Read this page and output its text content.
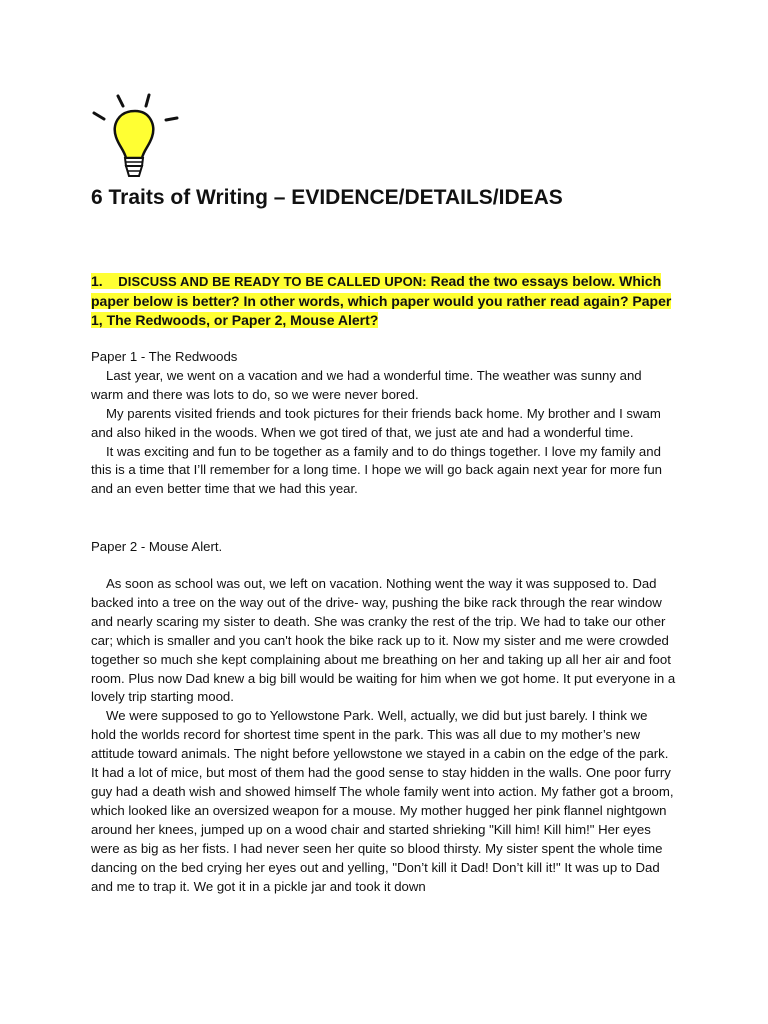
6 Traits of Writing – EVIDENCE/DETAILS/IDEAS

1. DISCUSS AND BE READY TO BE CALLED UPON: Read the two essays below. Which paper below is better? In other words, which paper would you rather read again? Paper 1, The Redwoods, or Paper 2, Mouse Alert?

Paper 1 - The Redwoods

Last year, we went on a vacation and we had a wonderful time. The weather was sunny and warm and there was lots to do, so we were never bored.

My parents visited friends and took pictures for their friends back home. My brother and I swam and also hiked in the woods. When we got tired of that, we just ate and had a wonderful time.

It was exciting and fun to be together as a family and to do things together. I love my family and this is a time that I’ll remember for a long time. I hope we will go back again next year for more fun and an even better time that we had this year.

Paper 2 - Mouse Alert.

As soon as school was out, we left on vacation. Nothing went the way it was supposed to. Dad backed into a tree on the way out of the drive- way, pushing the bike rack through the rear window and nearly scaring my sister to death. She was cranky the rest of the trip. We had to take our other car; which is smaller and you can't hook the bike rack up to it. Now my sister and me were crowded together so much she kept complaining about me breathing on her and taking up all her air and foot room. Plus now Dad knew a big bill would be waiting for him when we got home. It put everyone in a lovely trip starting mood.

We were supposed to go to Yellowstone Park. Well, actually, we did but just barely. I think we hold the worlds record for shortest time spent in the park. This was all due to my mother’s new attitude toward animals. The night before yellowstone we stayed in a cabin on the edge of the park. It had a lot of mice, but most of them had the good sense to stay hidden in the walls. One poor furry guy had a death wish and showed himself The whole family went into action. My father got a broom, which looked like an oversized weapon for a mouse. My mother hugged her pink flannel nightgown around her knees, jumped up on a wood chair and started shrieking "Kill him! Kill him!" Her eyes were as big as her fists. I had never seen her quite so blood thirsty. My sister spent the whole time dancing on the bed crying her eyes out and yelling, "Don’t kill it Dad! Don’t kill it!" It was up to Dad and me to trap it. We got it in a pickle jar and took it down
